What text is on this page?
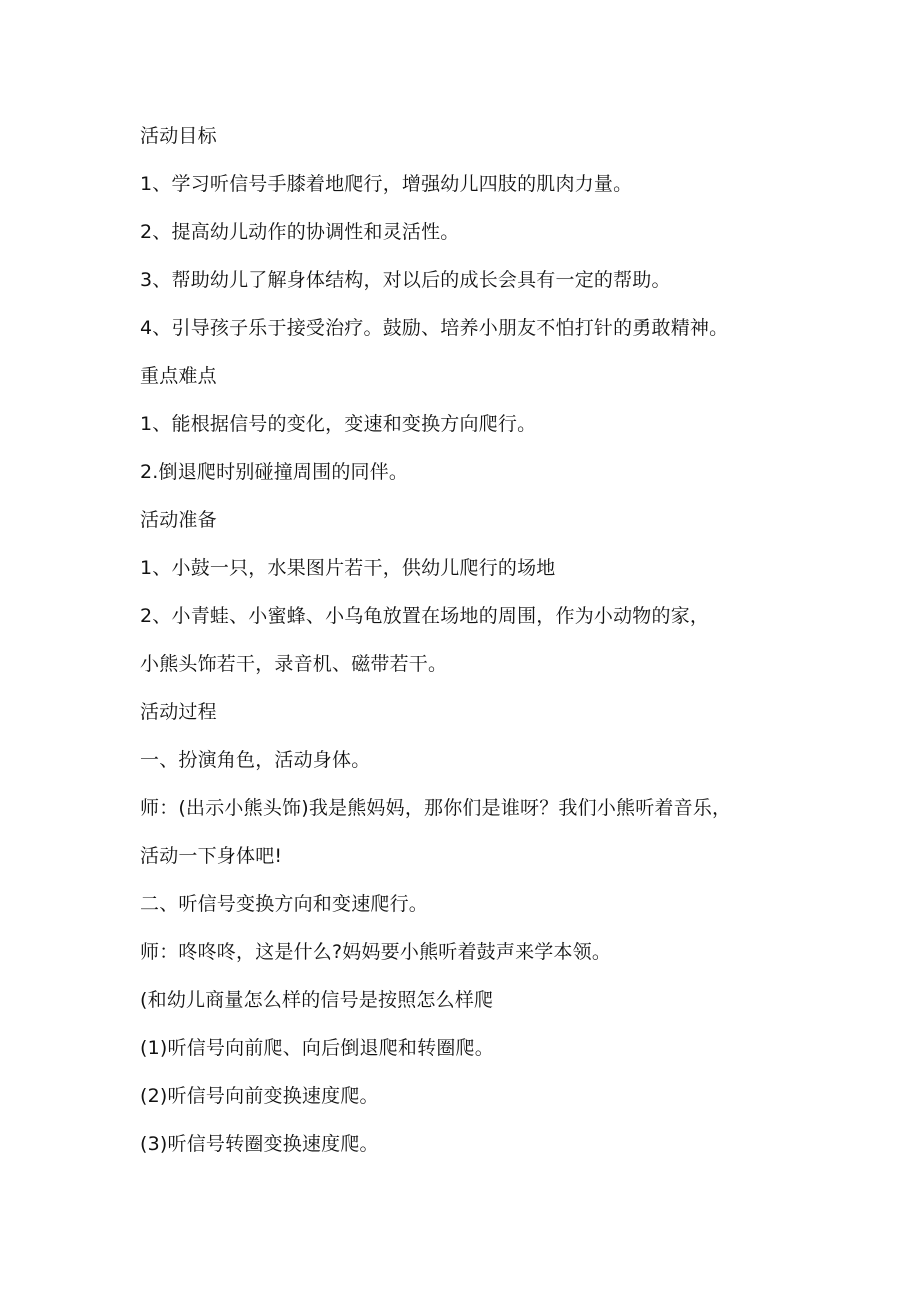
活动目标
1、学习听信号手膝着地爬行，增强幼儿四肢的肌肉力量。
2、提高幼儿动作的协调性和灵活性。
3、帮助幼儿了解身体结构，对以后的成长会具有一定的帮助。
4、引导孩子乐于接受治疗。鼓励、培养小朋友不怕打针的勇敢精神。
重点难点
1、能根据信号的变化，变速和变换方向爬行。
2.倒退爬时别碰撞周围的同伴。
活动准备
1、小鼓一只，水果图片若干，供幼儿爬行的场地
2、小青蛙、小蜜蜂、小乌龟放置在场地的周围，作为小动物的家，
小熊头饰若干，录音机、磁带若干。
活动过程
一、扮演角色，活动身体。
师：(出示小熊头饰)我是熊妈妈，那你们是谁呀？我们小熊听着音乐，
活动一下身体吧!
二、听信号变换方向和变速爬行。
师：咚咚咚，这是什么?妈妈要小熊听着鼓声来学本领。
(和幼儿商量怎么样的信号是按照怎么样爬
(1)听信号向前爬、向后倒退爬和转圈爬。
(2)听信号向前变换速度爬。
(3)听信号转圈变换速度爬。
